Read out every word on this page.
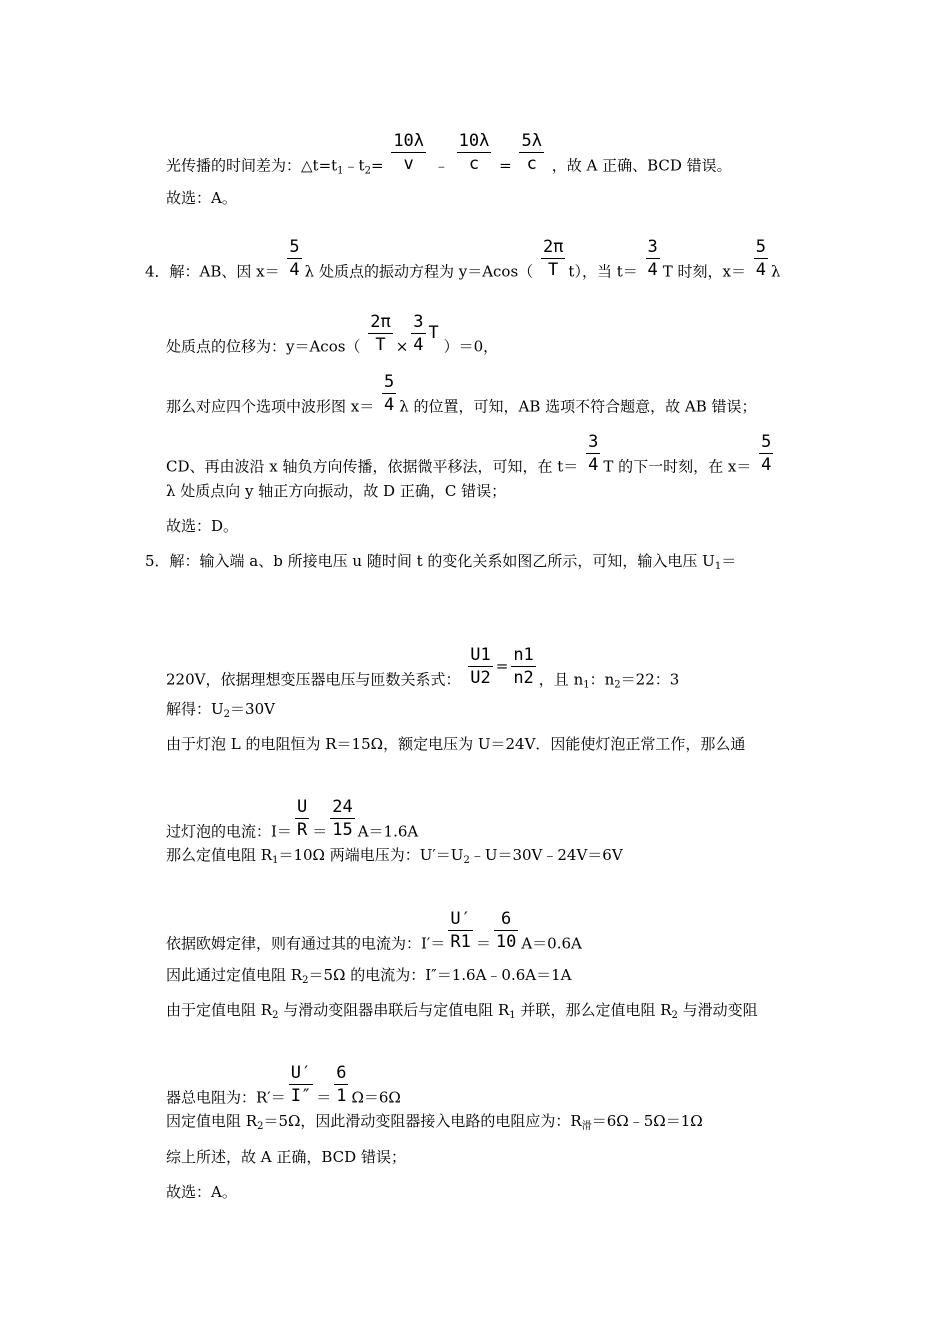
光传播的时间差为：$\triangle t=t_1﹣t_2= \frac{10\lambda}{v}$ ﹣ $\frac{10\lambda}{c} = \frac{5\lambda}{c}$ ，故 A 正确、BCD 错误。
故选：A。
4．解：AB、因 $x= \frac{5}{4}$ λ 处质点的振动方程为 $y=Acos( \frac{2\pi}{T} t)$，当 $t= \frac{3}{4}$ T 时刻，$x= \frac{5}{4}$ λ
处质点的位移为：$y=Acos( \frac{2\pi}{T} \times \frac{3}{4}$ T ）＝0，
那么对应四个选项中波形图 $x= \frac{5}{4}$ λ 的位置，可知，AB 选项不符合题意，故 AB 错误；
CD、再由波沿 x 轴负方向传播，依据微平移法，可知，在 $t= \frac{3}{4}$ T 的下一时刻，在 $x= \frac{5}{4}$
λ 处质点向 y 轴正方向振动，故 D 正确，C 错误；
故选：D。
5．解：输入端 a、b 所接电压 u 随时间 t 的变化关系如图乙所示，可知，输入电压 $U_1=$
220V，依据理想变压器电压与匝数关系式： $\frac{U1}{U2} = \frac{n1}{n2}$ ，且 $n_1$：$n_2=22$：3
解得：$U_2=30V$
由于灯泡 L 的电阻恒为 R＝15Ω，额定电压为 U＝24V．因能使灯泡正常工作，那么通
过灯泡的电流：$I= \frac{U}{R} = \frac{24}{15} A=1.6A$
那么定值电阻 $R_1=10\Omega$ 两端电压为：$U'=U_2﹣U=30V﹣24V=6V$
依据欧姆定律，则有通过其的电流为：$I'= \frac{U'}{R1} = \frac{6}{10} A=0.6A$
因此通过定值电阻 $R_2=5\Omega$ 的电流为：I″＝1.6A﹣0.6A＝1A
由于定值电阻 $R_2$ 与滑动变阻器串联后与定值电阻 $R_1$ 并联，那么定值电阻 $R_2$ 与滑动变阻
器总电阻为：$R'= \frac{U'}{I''} = \frac{6}{1} \Omega=6\Omega$
因定值电阻 $R_2=5\Omega$，因此滑动变阻器接入电路的电阻应为：$R_滑=6\Omega﹣5\Omega=1\Omega$
综上所述，故 A 正确，BCD 错误；
故选：A。
